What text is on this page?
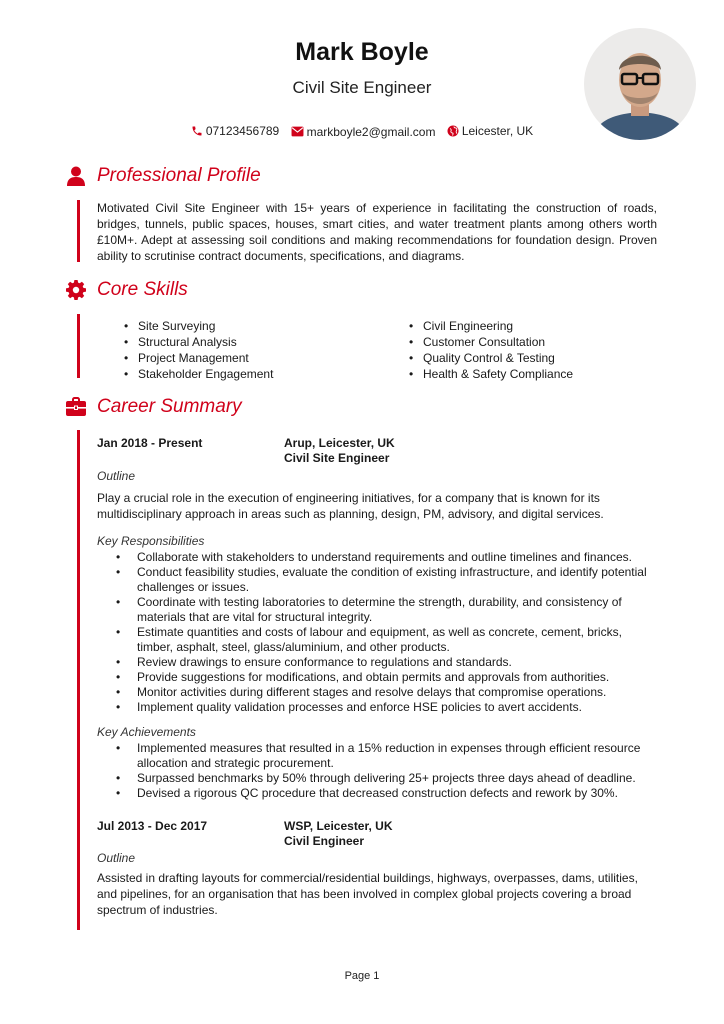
Mark Boyle
Civil Site Engineer
07123456789
markboyle2@gmail.com
Leicester, UK
Professional Profile
Motivated Civil Site Engineer with 15+ years of experience in facilitating the construction of roads, bridges, tunnels, public spaces, houses, smart cities, and water treatment plants among others worth £10M+. Adept at assessing soil conditions and making recommendations for foundation design. Proven ability to scrutinise contract documents, specifications, and diagrams.
Core Skills
• Site Surveying
• Structural Analysis
• Project Management
• Stakeholder Engagement
• Civil Engineering
• Customer Consultation
• Quality Control & Testing
• Health & Safety Compliance
Career Summary
Jan 2018 - Present	Arup, Leicester, UK
Civil Site Engineer
Outline
Play a crucial role in the execution of engineering initiatives, for a company that is known for its multidisciplinary approach in areas such as planning, design, PM, advisory, and digital services.
Key Responsibilities
• Collaborate with stakeholders to understand requirements and outline timelines and finances.
• Conduct feasibility studies, evaluate the condition of existing infrastructure, and identify potential challenges or issues.
• Coordinate with testing laboratories to determine the strength, durability, and consistency of materials that are vital for structural integrity.
• Estimate quantities and costs of labour and equipment, as well as concrete, cement, bricks, timber, asphalt, steel, glass/aluminium, and other products.
• Review drawings to ensure conformance to regulations and standards.
• Provide suggestions for modifications, and obtain permits and approvals from authorities.
• Monitor activities during different stages and resolve delays that compromise operations.
• Implement quality validation processes and enforce HSE policies to avert accidents.
Key Achievements
• Implemented measures that resulted in a 15% reduction in expenses through efficient resource allocation and strategic procurement.
• Surpassed benchmarks by 50% through delivering 25+ projects three days ahead of deadline.
• Devised a rigorous QC procedure that decreased construction defects and rework by 30%.
Jul 2013 - Dec 2017	WSP, Leicester, UK
Civil Engineer
Outline
Assisted in drafting layouts for commercial/residential buildings, highways, overpasses, dams, utilities, and pipelines, for an organisation that has been involved in complex global projects covering a broad spectrum of industries.
Page 1
